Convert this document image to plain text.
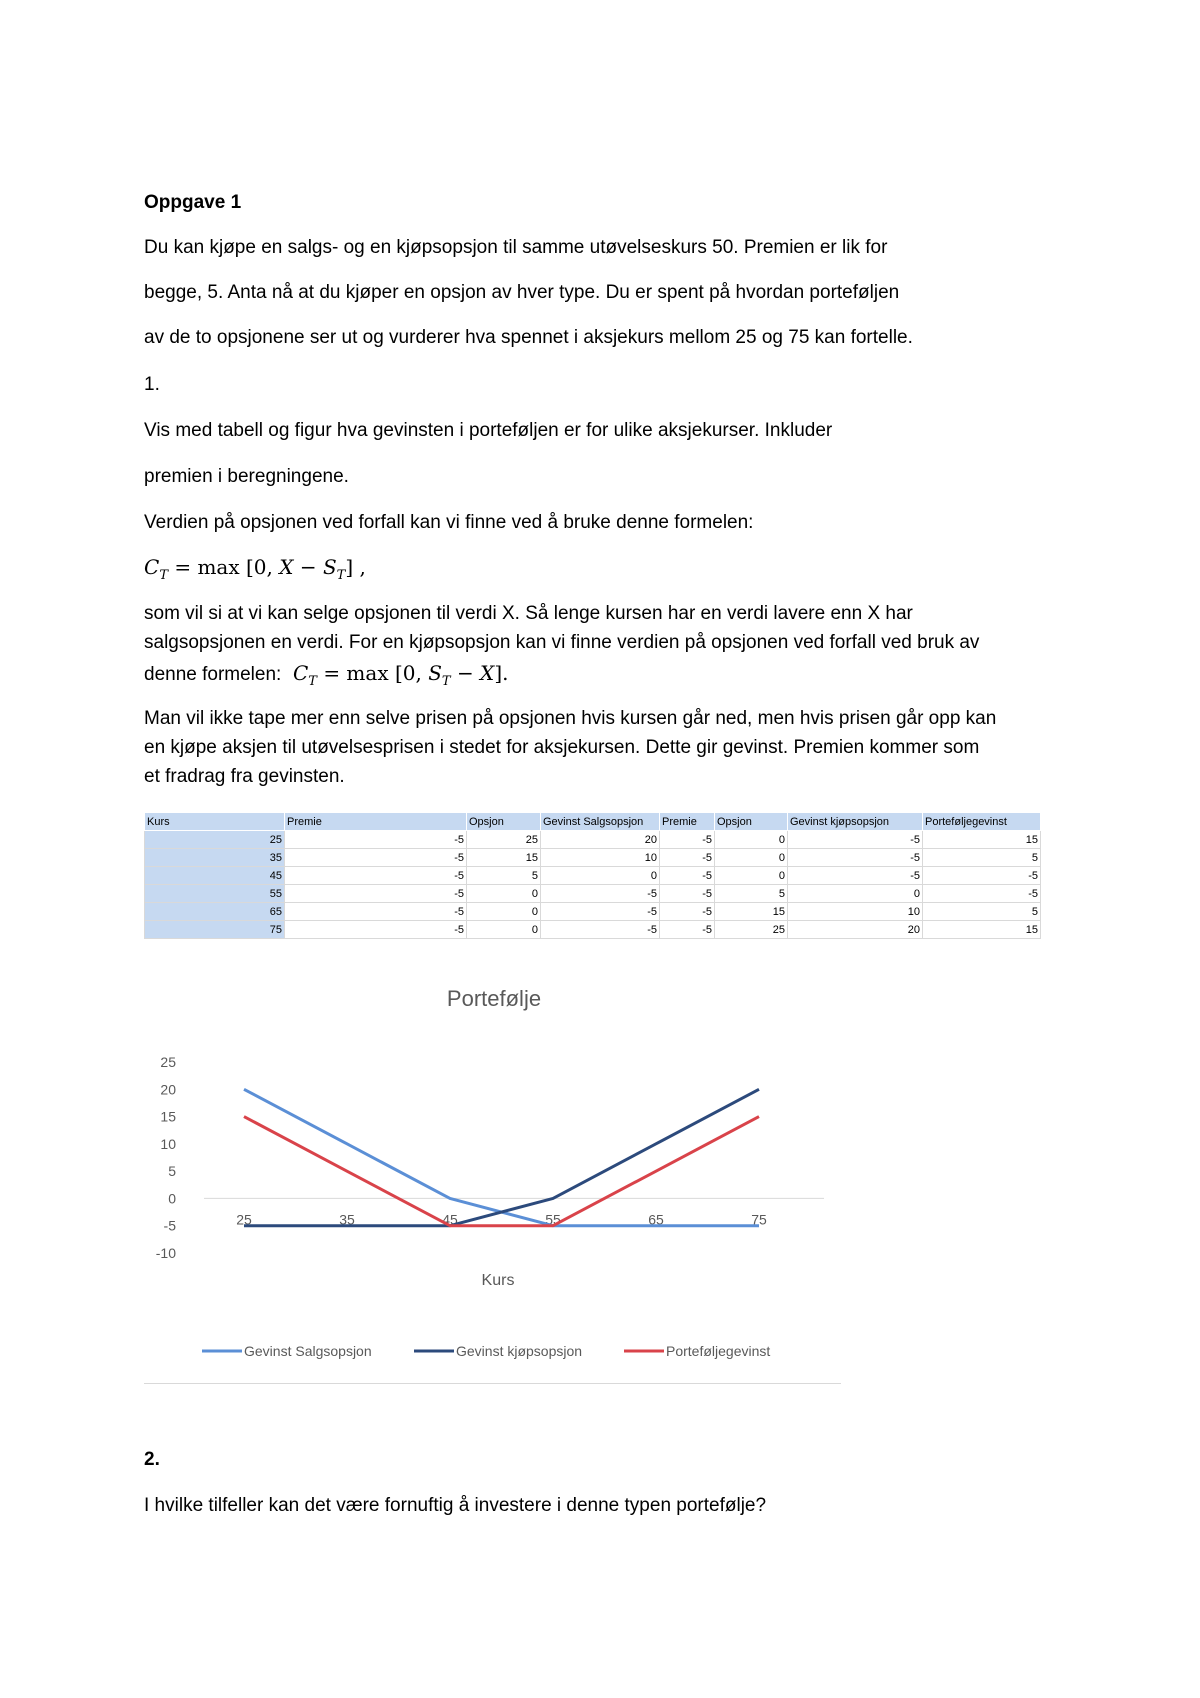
Oppgave 1
Du kan kjøpe en salgs- og en kjøpsopsjon til samme utøvelseskurs 50. Premien er lik for
begge, 5. Anta nå at du kjøper en opsjon av hver type. Du er spent på hvordan porteføljen
av de to opsjonene ser ut og vurderer hva spennet i aksjekurs mellom 25 og 75 kan fortelle.
1.
Vis med tabell og figur hva gevinsten i porteføljen er for ulike aksjekurser. Inkluder
premien i beregningene.
Verdien på opsjonen ved forfall kan vi finne ved å bruke denne formelen:
$C_T = \max [0$, $X - S_T$] ,
som vil si at vi kan selge opsjonen til verdi X. Så lenge kursen har en verdi lavere enn X har
salgsopsjonen en verdi. For en kjøpsopsjon kan vi finne verdien på opsjonen ved forfall ved bruk av
denne formelen:  $C_T = \max [0$, $S_T - X$].
Man vil ikke tape mer enn selve prisen på opsjonen hvis kursen går ned, men hvis prisen går opp kan
en kjøpe aksjen til utøvelsesprisen i stedet for aksjekursen. Dette gir gevinst. Premien kommer som
et fradrag fra gevinsten.
Kurs	Premie	Opsjon	Gevinst Salgsopsjon	Premie	Opsjon	Gevinst kjøpsopsjon	Porteføljegevinst
25	-5	25	20	-5	0	-5	15
35	-5	15	10	-5	0	-5	5
45	-5	5	0	-5	0	-5	-5
55	-5	0	-5	-5	5	0	-5
65	-5	0	-5	-5	15	10	5
75	-5	0	-5	-5	25	20	15
Portefølje
25
20
15
10
5
0
-5
-10
25	35	45	55	65	75
Kurs
Gevinst Salgsopsjon	Gevinst kjøpsopsjon	Porteføljegevinst
2.
I hvilke tilfeller kan det være fornuftig å investere i denne typen portefølje?
